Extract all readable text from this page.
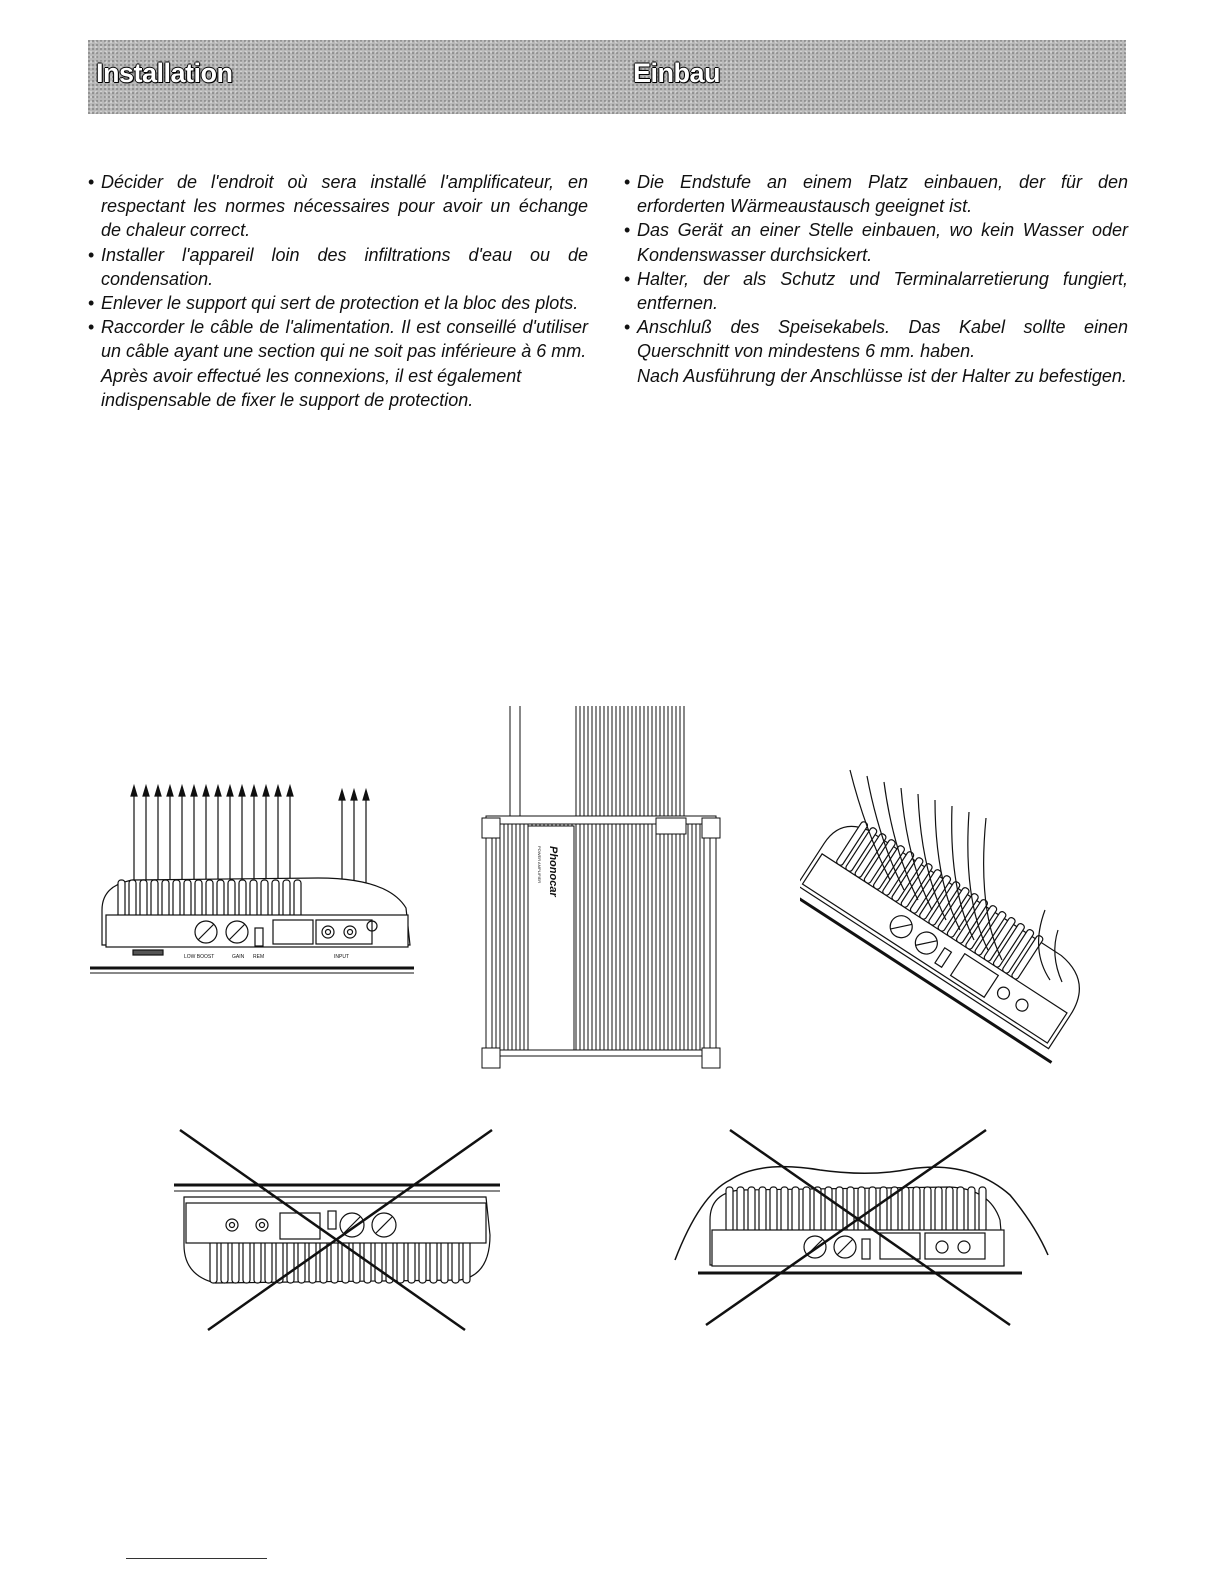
Installation	Einbau
• Décider de l'endroit où sera installé l'amplificateur, en respectant les normes nécessaires pour avoir un échange de chaleur correct.
• Installer l'appareil loin des infiltrations d'eau ou de condensation.
• Enlever le support qui sert de protection et la bloc des plots.
• Raccorder le câble de l'alimentation. Il est conseillé d'utiliser un câble ayant une section qui ne soit pas inférieure à 6 mm.

Après avoir effectué les connexions, il est également indispensable de fixer le support de protection.

• Die Endstufe an einem Platz einbauen, der für den erforderten Wärmeaustausch geeignet ist.
• Das Gerät an einer Stelle einbauen, wo kein Wasser oder Kondenswasser durchsickert.
• Halter, der als Schutz und Terminalarretierung fungiert, entfernen.
• Anschluß des Speisekabels. Das Kabel sollte einen Querschnitt von mindestens 6 mm. haben.

Nach Ausführung der Anschlüsse ist der Halter zu befestigen.

LOW BOOST	GAIN REM	INPUT
Phonocar
POWER AMPLIFIER
